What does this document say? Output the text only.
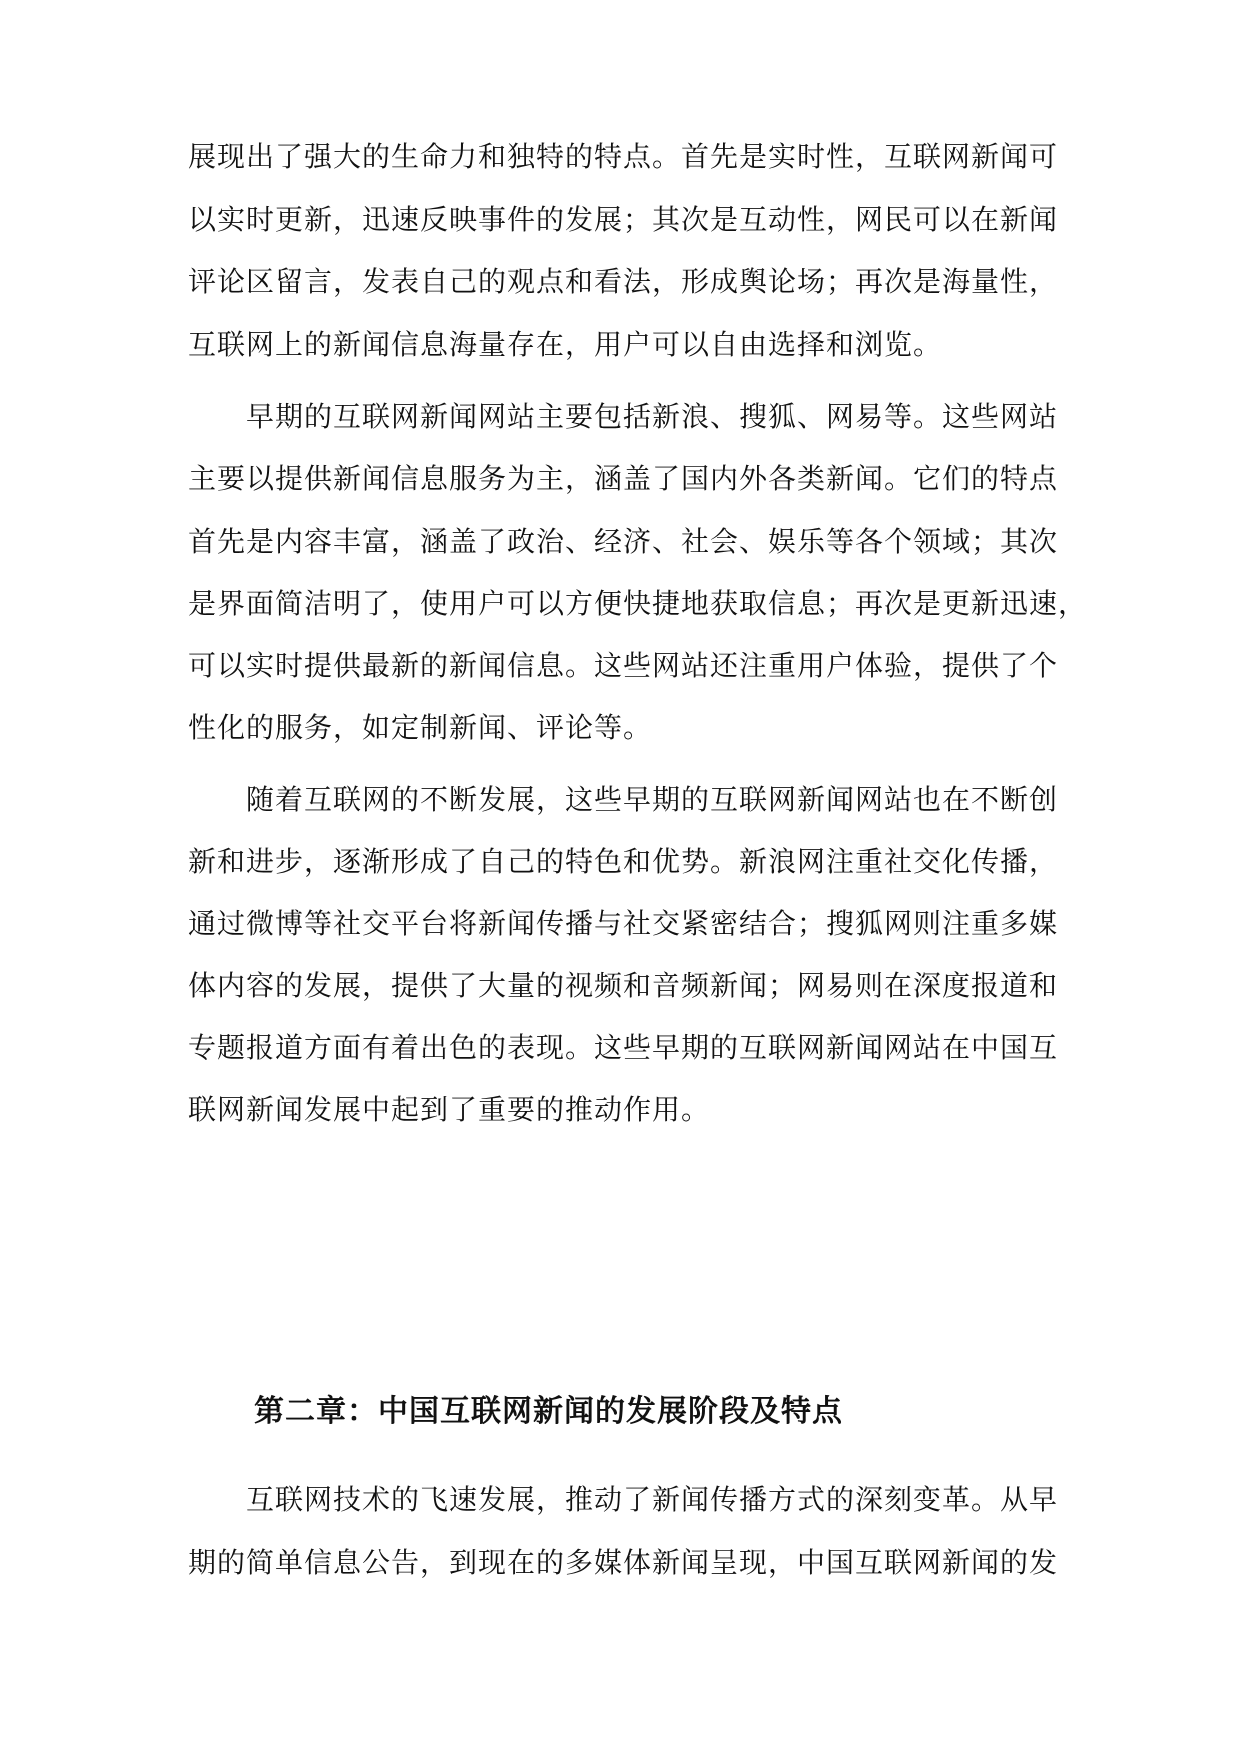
展现出了强大的生命力和独特的特点。首先是实时性，互联网新闻可
以实时更新，迅速反映事件的发展；其次是互动性，网民可以在新闻
评论区留言，发表自己的观点和看法，形成舆论场；再次是海量性，
互联网上的新闻信息海量存在，用户可以自由选择和浏览。
早期的互联网新闻网站主要包括新浪、搜狐、网易等。这些网站
主要以提供新闻信息服务为主，涵盖了国内外各类新闻。它们的特点
首先是内容丰富，涵盖了政治、经济、社会、娱乐等各个领域；其次
是界面简洁明了，使用户可以方便快捷地获取信息；再次是更新迅速，
可以实时提供最新的新闻信息。这些网站还注重用户体验，提供了个
性化的服务，如定制新闻、评论等。
随着互联网的不断发展，这些早期的互联网新闻网站也在不断创
新和进步，逐渐形成了自己的特色和优势。新浪网注重社交化传播，
通过微博等社交平台将新闻传播与社交紧密结合；搜狐网则注重多媒
体内容的发展，提供了大量的视频和音频新闻；网易则在深度报道和
专题报道方面有着出色的表现。这些早期的互联网新闻网站在中国互
联网新闻发展中起到了重要的推动作用。
第二章：中国互联网新闻的发展阶段及特点
互联网技术的飞速发展，推动了新闻传播方式的深刻变革。从早
期的简单信息公告，到现在的多媒体新闻呈现，中国互联网新闻的发
